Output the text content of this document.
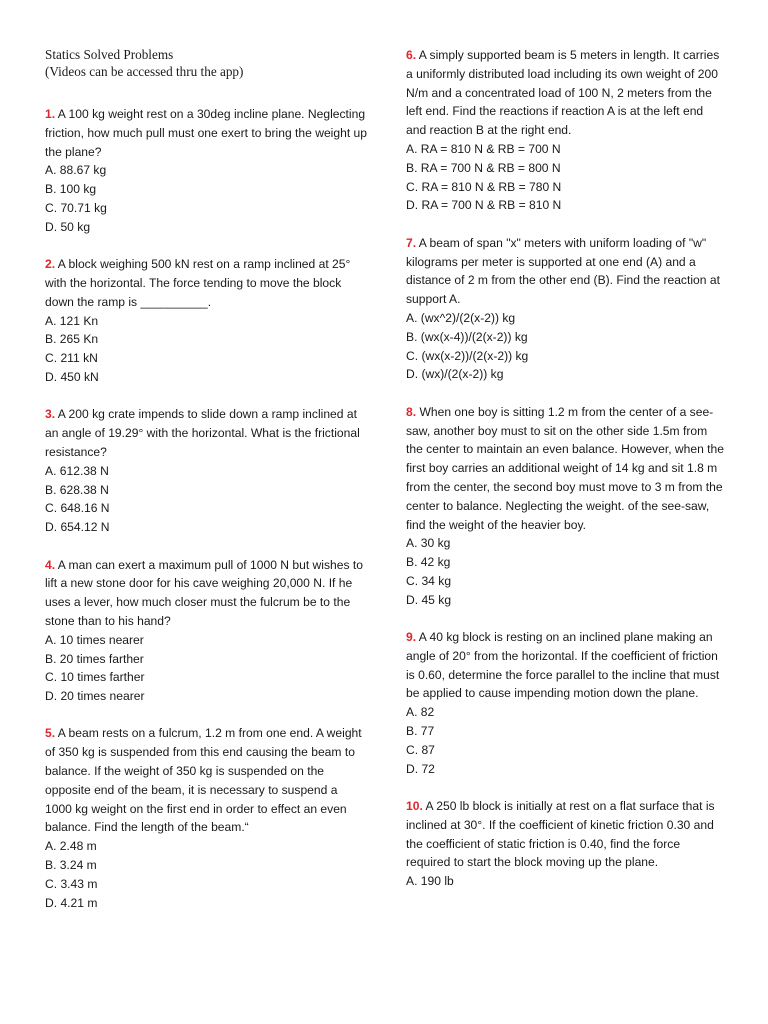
Statics Solved Problems
(Videos can be accessed thru the app)
1. A 100 kg weight rest on a 30deg incline plane. Neglecting friction, how much pull must one exert to bring the weight up the plane?
A. 88.67 kg
B. 100 kg
C. 70.71 kg
D. 50 kg
2. A block weighing 500 kN rest on a ramp inclined at 25° with the horizontal. The force tending to move the block down the ramp is __________.
A. 121 Kn
B. 265 Kn
C. 211 kN
D. 450 kN
3. A 200 kg crate impends to slide down a ramp inclined at an angle of 19.29° with the horizontal. What is the frictional resistance?
A. 612.38 N
B. 628.38 N
C. 648.16 N
D. 654.12 N
4. A man can exert a maximum pull of 1000 N but wishes to lift a new stone door for his cave weighing 20,000 N. If he uses a lever, how much closer must the fulcrum be to the stone than to his hand?
A. 10 times nearer
B. 20 times farther
C. 10 times farther
D. 20 times nearer
5. A beam rests on a fulcrum, 1.2 m from one end. A weight of 350 kg is suspended from this end causing the beam to balance. If the weight of 350 kg is suspended on the opposite end of the beam, it is necessary to suspend a 1000 kg weight on the first end in order to effect an even balance. Find the length of the beam.“
A. 2.48 m
B. 3.24 m
C. 3.43 m
D. 4.21 m
6. A simply supported beam is 5 meters in length. It carries a uniformly distributed load including its own weight of 200 N/m and a concentrated load of 100 N, 2 meters from the left end. Find the reactions if reaction A is at the left end and reaction B at the right end.
A. RA = 810 N & RB = 700 N
B. RA = 700 N & RB = 800 N
C. RA = 810 N & RB = 780 N
D. RA = 700 N & RB = 810 N
7. A beam of span "x" meters with uniform loading of "w" kilograms per meter is supported at one end (A) and a distance of 2 m from the other end (B). Find the reaction at support A.
A. (wx^2)/(2(x-2)) kg
B. (wx(x-4))/(2(x-2)) kg
C. (wx(x-2))/(2(x-2)) kg
D. (wx)/(2(x-2)) kg
8. When one boy is sitting 1.2 m from the center of a see-saw, another boy must to sit on the other side 1.5m from the center to maintain an even balance. However, when the first boy carries an additional weight of 14 kg and sit 1.8 m from the center, the second boy must move to 3 m from the center to balance. Neglecting the weight. of the see-saw, find the weight of the heavier boy.
A. 30 kg
B. 42 kg
C. 34 kg
D. 45 kg
9. A 40 kg block is resting on an inclined plane making an angle of 20° from the horizontal. If the coefficient of friction is 0.60, determine the force parallel to the incline that must be applied to cause impending motion down the plane.
A. 82
B. 77
C. 87
D. 72
10. A 250 lb block is initially at rest on a flat surface that is inclined at 30°. If the coefficient of kinetic friction 0.30 and the coefficient of static friction is 0.40, find the force required to start the block moving up the plane.
A. 190 lb
